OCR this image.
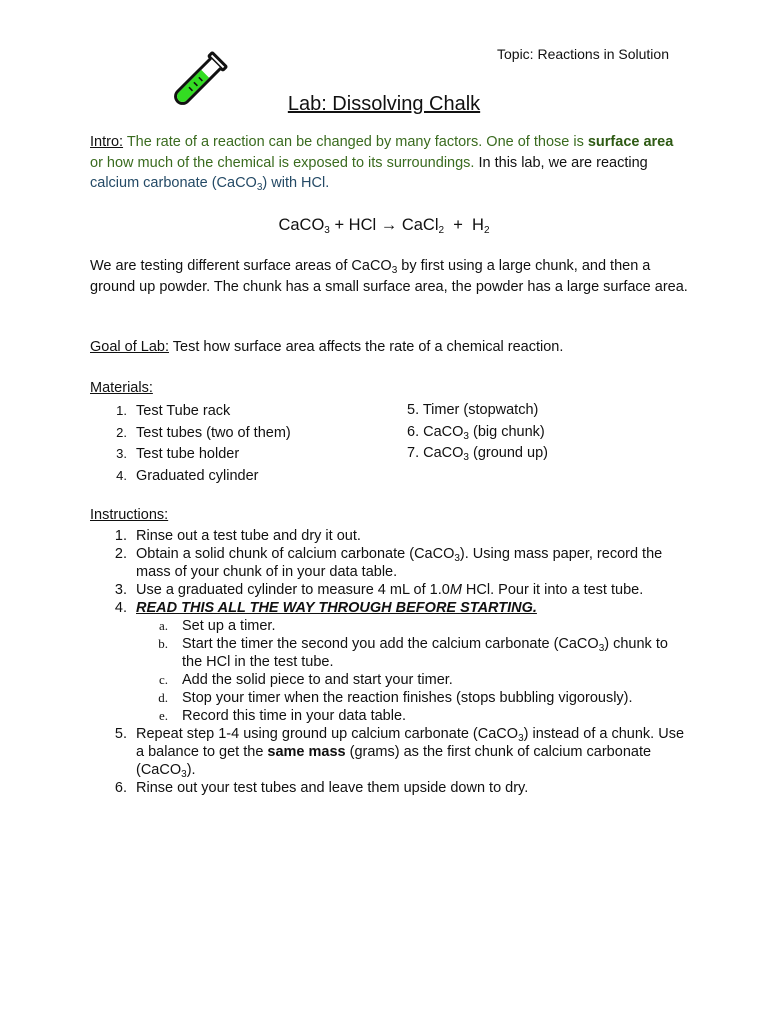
Topic: Reactions in Solution
Lab: Dissolving Chalk
Intro: The rate of a reaction can be changed by many factors. One of those is surface area or how much of the chemical is exposed to its surroundings. In this lab, we are reacting calcium carbonate (CaCO$_3$) with HCl.
CaCO$_3$ + HCl → CaCl$_2$  +  $H_2$
We are testing different surface areas of CaCO$_3$ by first using a large chunk, and then a ground up powder. The chunk has a small surface area, the powder has a large surface area.
Goal of Lab: Test how surface area affects the rate of a chemical reaction.
Materials:
1. Test Tube rack
2. Test tubes (two of them)
3. Test tube holder
4. Graduated cylinder
5. Timer (stopwatch)
6. CaCO$_3$ (big chunk)
7. CaCO$_3$ (ground up)
Instructions:
1. Rinse out a test tube and dry it out.
2. Obtain a solid chunk of calcium carbonate (CaCO$_3$). Using mass paper, record the mass of your chunk of in your data table.
3. Use a graduated cylinder to measure 4 mL of 1.0M HCl. Pour it into a test tube.
4. READ THIS ALL THE WAY THROUGH BEFORE STARTING.
a. Set up a timer.
b. Start the timer the second you add the calcium carbonate (CaCO$_3$) chunk to the HCl in the test tube.
c. Add the solid piece to and start your timer.
d. Stop your timer when the reaction finishes (stops bubbling vigorously).
e. Record this time in your data table.
5. Repeat step 1-4 using ground up calcium carbonate (CaCO$_3$) instead of a chunk. Use a balance to get the same mass (grams) as the first chunk of calcium carbonate (CaCO$_3$).
6. Rinse out your test tubes and leave them upside down to dry.
